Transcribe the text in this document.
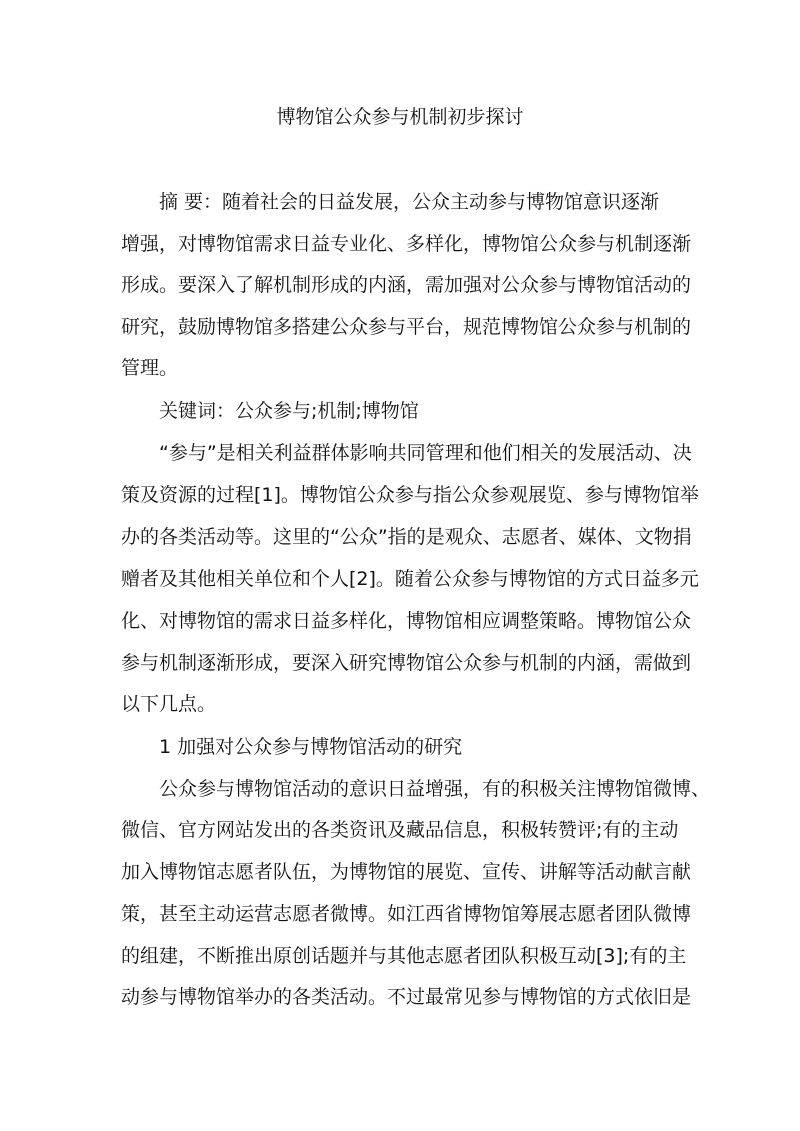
博物馆公众参与机制初步探讨
　　摘 要：随着社会的日益发展，公众主动参与博物馆意识逐渐
增强，对博物馆需求日益专业化、多样化，博物馆公众参与机制逐渐
形成。要深入了解机制形成的内涵，需加强对公众参与博物馆活动的
研究，鼓励博物馆多搭建公众参与平台，规范博物馆公众参与机制的
管理。
　　关键词：公众参与;机制;博物馆
　　“参与”是相关利益群体影响共同管理和他们相关的发展活动、决
策及资源的过程[1]。博物馆公众参与指公众参观展览、参与博物馆举
办的各类活动等。这里的“公众”指的是观众、志愿者、媒体、文物捐
赠者及其他相关单位和个人[2]。随着公众参与博物馆的方式日益多元
化、对博物馆的需求日益多样化，博物馆相应调整策略。博物馆公众
参与机制逐渐形成，要深入研究博物馆公众参与机制的内涵，需做到
以下几点。
　　1 加强对公众参与博物馆活动的研究
　　公众参与博物馆活动的意识日益增强，有的积极关注博物馆微博、
微信、官方网站发出的各类资讯及藏品信息，积极转赞评;有的主动
加入博物馆志愿者队伍，为博物馆的展览、宣传、讲解等活动献言献
策，甚至主动运营志愿者微博。如江西省博物馆筹展志愿者团队微博
的组建，不断推出原创话题并与其他志愿者团队积极互动[3];有的主
动参与博物馆举办的各类活动。不过最常见参与博物馆的方式依旧是
